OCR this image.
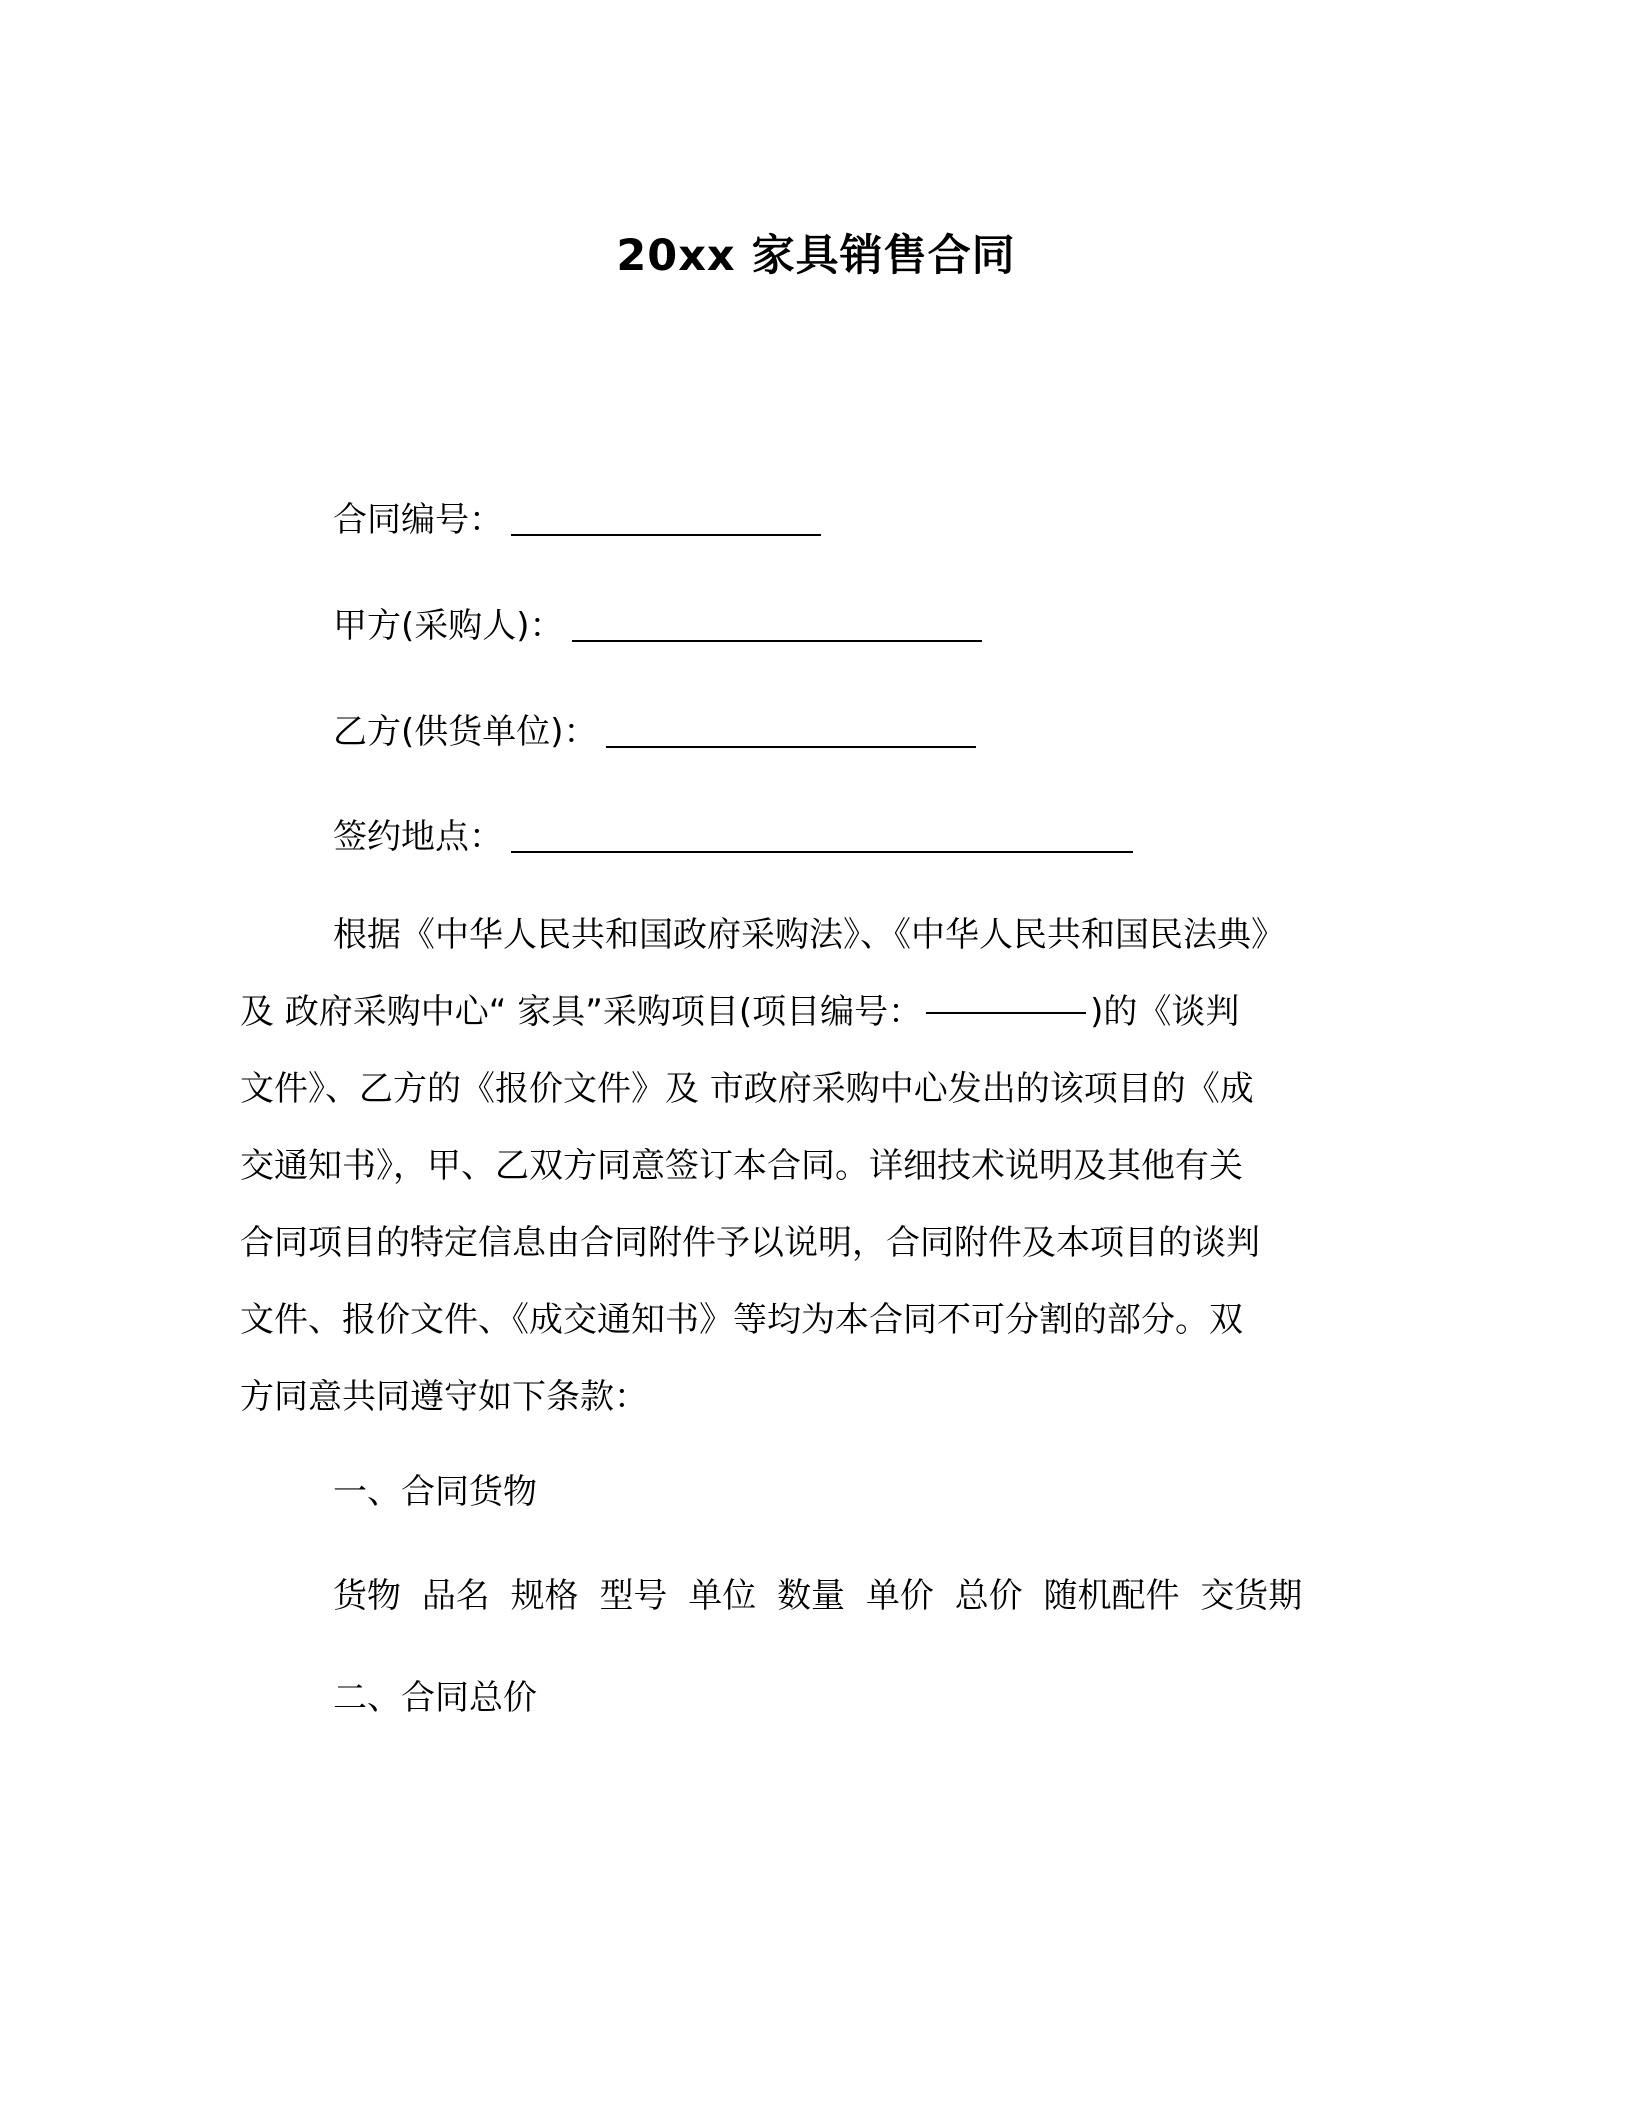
20xx 家具销售合同
合同编号：
甲方(采购人)：
乙方(供货单位)：
签约地点：
根据《中华人民共和国政府采购法》、《中华人民共和国民法典》
及 政府采购中心“ 家具”采购项目(项目编号：	)的《谈判
文件》、乙方的《报价文件》及 市政府采购中心发出的该项目的《成
交通知书》，甲、乙双方同意签订本合同。详细技术说明及其他有关
合同项目的特定信息由合同附件予以说明，合同附件及本项目的谈判
文件、报价文件、《成交通知书》等均为本合同不可分割的部分。双
方同意共同遵守如下条款：
一、合同货物
货物 品名 规格 型号 单位 数量 单价 总价 随机配件 交货期
二、合同总价
